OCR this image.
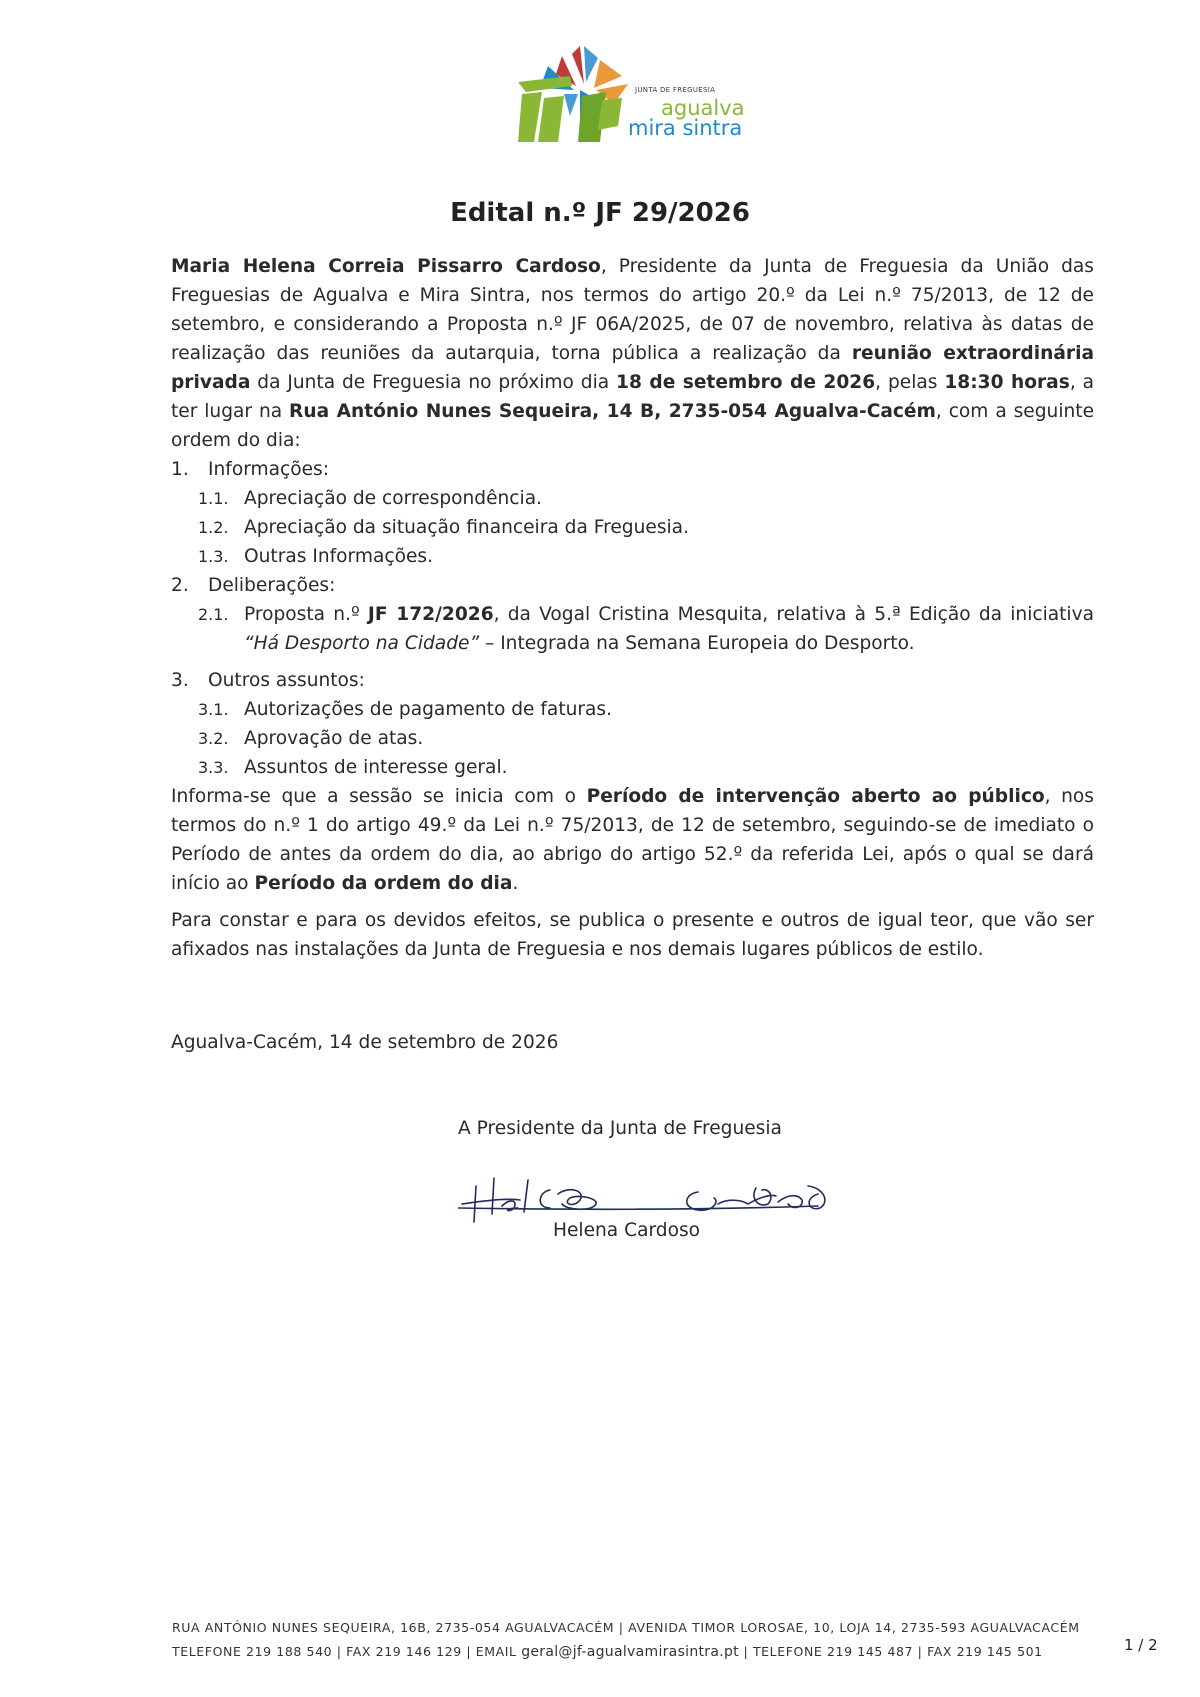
JUNTA DE FREGUESIA
agualva
mira sintra
Edital n.º JF 29/2026

Maria Helena Correia Pissarro Cardoso, Presidente da Junta de Freguesia da União das Freguesias de Agualva e Mira Sintra, nos termos do artigo 20.º da Lei n.º 75/2013, de 12 de setembro, e considerando a Proposta n.º JF 06A/2025, de 07 de novembro, relativa às datas de realização das reuniões da autarquia, torna pública a realização da reunião extraordinária privada da Junta de Freguesia no próximo dia 18 de setembro de 2026, pelas 18:30 horas, a ter lugar na Rua António Nunes Sequeira, 14 B, 2735-054 Agualva-Cacém, com a seguinte ordem do dia:

1.	Informações:
1.1. Apreciação de correspondência.
1.2. Apreciação da situação financeira da Freguesia.
1.3. Outras Informações.
2.	Deliberações:
2.1. Proposta n.º JF 172/2026, da Vogal Cristina Mesquita, relativa à 5.ª Edição da iniciativa “Há Desporto na Cidade” – Integrada na Semana Europeia do Desporto.
3.	Outros assuntos:
3.1. Autorizações de pagamento de faturas.
3.2. Aprovação de atas.
3.3. Assuntos de interesse geral.

Informa-se que a sessão se inicia com o Período de intervenção aberto ao público, nos termos do n.º 1 do artigo 49.º da Lei n.º 75/2013, de 12 de setembro, seguindo-se de imediato o Período de antes da ordem do dia, ao abrigo do artigo 52.º da referida Lei, após o qual se dará início ao Período da ordem do dia.

Para constar e para os devidos efeitos, se publica o presente e outros de igual teor, que vão ser afixados nas instalações da Junta de Freguesia e nos demais lugares públicos de estilo.

Agualva-Cacém, 14 de setembro de 2026
A Presidente da Junta de Freguesia
Helena Cardoso
RUA ANTÓNIO NUNES SEQUEIRA, 16B, 2735-054 AGUALVACACÉM | AVENIDA TIMOR LOROSAE, 10, LOJA 14, 2735-593 AGUALVACACÉM
TELEFONE 219 188 540 | FAX 219 146 129 | EMAIL geral@jf-agualvamirasintra.pt | TELEFONE 219 145 487 | FAX 219 145 501	1 / 2
